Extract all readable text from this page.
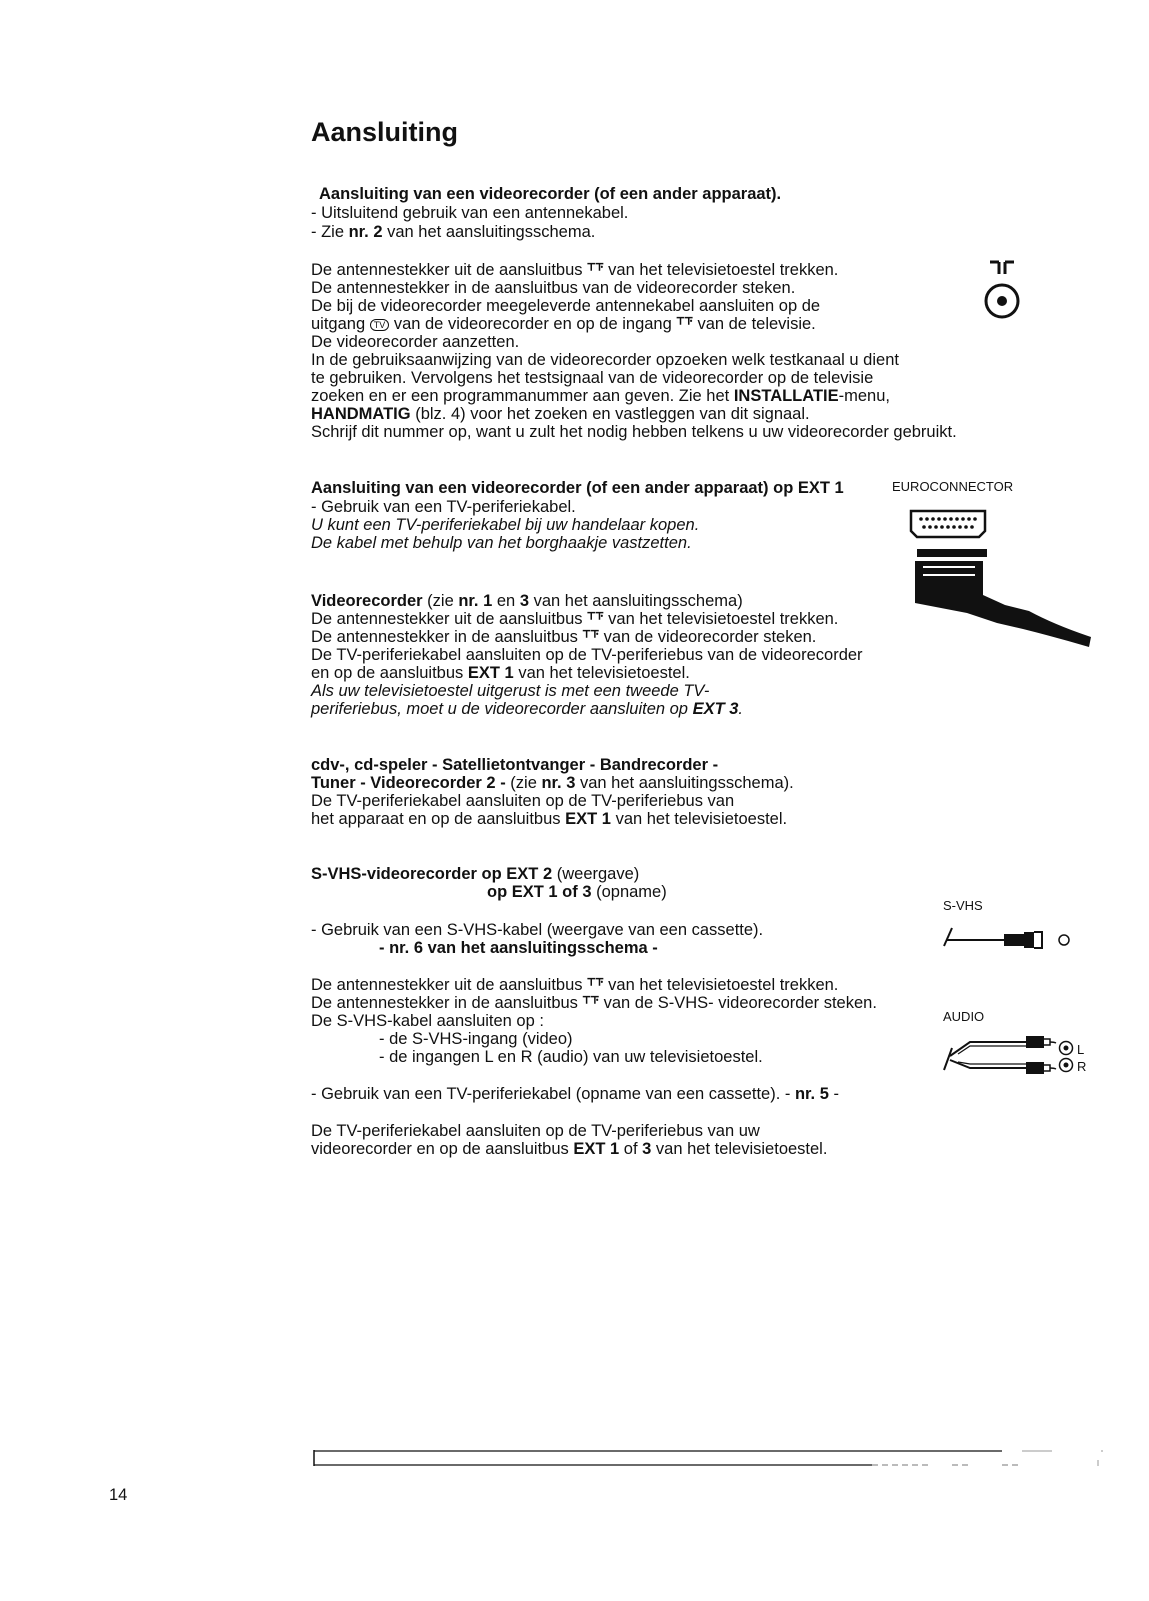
Aansluiting
Aansluiting van een videorecorder (of een ander apparaat).
- Uitsluitend gebruik van een antennekabel.
- Zie nr. 2 van het aansluitingsschema.
De antennestekker uit de aansluitbus ⸆⸇ van het televisietoestel trekken.
De antennestekker in de aansluitbus van de videorecorder steken.
De bij de videorecorder meegeleverde antennekabel aansluiten op de
uitgang TV van de videorecorder en op de ingang ⸆⸇ van de televisie.
De videorecorder aanzetten.
In de gebruiksaanwijzing van de videorecorder opzoeken welk testkanaal u dient
te gebruiken. Vervolgens het testsignaal van de videorecorder op de televisie
zoeken en er een programmanummer aan geven. Zie het INSTALLATIE-menu,
HANDMATIG (blz. 4) voor het zoeken en vastleggen van dit signaal.
Schrijf dit nummer op, want u zult het nodig hebben telkens u uw videorecorder gebruikt.
Aansluiting van een videorecorder (of een ander apparaat) op EXT 1
- Gebruik van een TV-periferiekabel.
U kunt een TV-periferiekabel bij uw handelaar kopen.
De kabel met behulp van het borghaakje vastzetten.
EUROCONNECTOR
Videorecorder (zie nr. 1 en 3 van het aansluitingsschema)
De antennestekker uit de aansluitbus ⸆⸇ van het televisietoestel trekken.
De antennestekker in de aansluitbus ⸆⸇ van de videorecorder steken.
De TV-periferiekabel aansluiten op de TV-periferiebus van de videorecorder
en op de aansluitbus EXT 1 van het televisietoestel.
Als uw televisietoestel uitgerust is met een tweede TV-
periferiebus, moet u de videorecorder aansluiten op EXT 3.
cdv-, cd-speler - Satellietontvanger - Bandrecorder -
Tuner - Videorecorder 2 - (zie nr. 3 van het aansluitingsschema).
De TV-periferiekabel aansluiten op de TV-periferiebus van
het apparaat en op de aansluitbus EXT 1 van het televisietoestel.
S-VHS-videorecorder op EXT 2 (weergave)
op EXT 1 of 3 (opname)
- Gebruik van een S-VHS-kabel (weergave van een cassette).
- nr. 6 van het aansluitingsschema -
De antennestekker uit de aansluitbus ⸆⸇ van het televisietoestel trekken.
De antennestekker in de aansluitbus ⸆⸇ van de S-VHS- videorecorder steken.
De S-VHS-kabel aansluiten op :
- de S-VHS-ingang (video)
- de ingangen L en R (audio) van uw televisietoestel.
- Gebruik van een TV-periferiekabel (opname van een cassette). - nr. 5 -
De TV-periferiekabel aansluiten op de TV-periferiebus van uw
videorecorder en op de aansluitbus EXT 1 of 3 van het televisietoestel.
S-VHS
AUDIO
L
R
14
